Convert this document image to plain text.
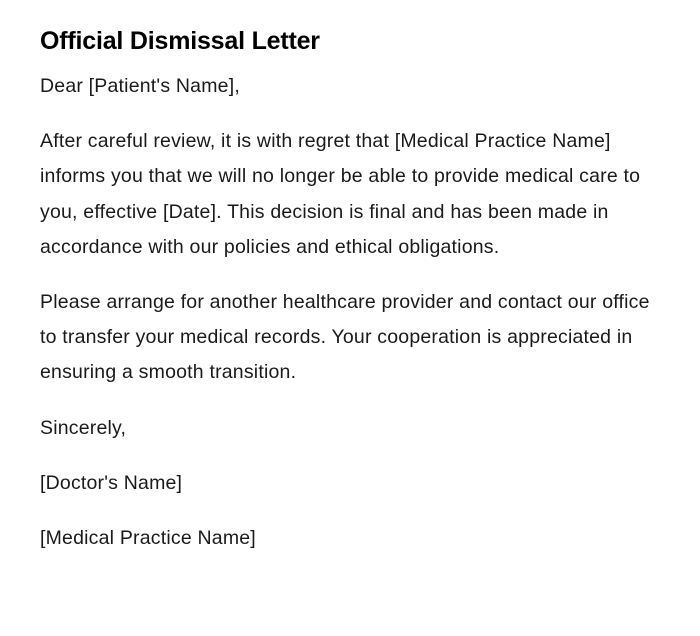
Official Dismissal Letter

Dear [Patient's Name],

After careful review, it is with regret that [Medical Practice Name] informs you that we will no longer be able to provide medical care to you, effective [Date]. This decision is final and has been made in accordance with our policies and ethical obligations.

Please arrange for another healthcare provider and contact our office to transfer your medical records. Your cooperation is appreciated in ensuring a smooth transition.

Sincerely,

[Doctor's Name]

[Medical Practice Name]
